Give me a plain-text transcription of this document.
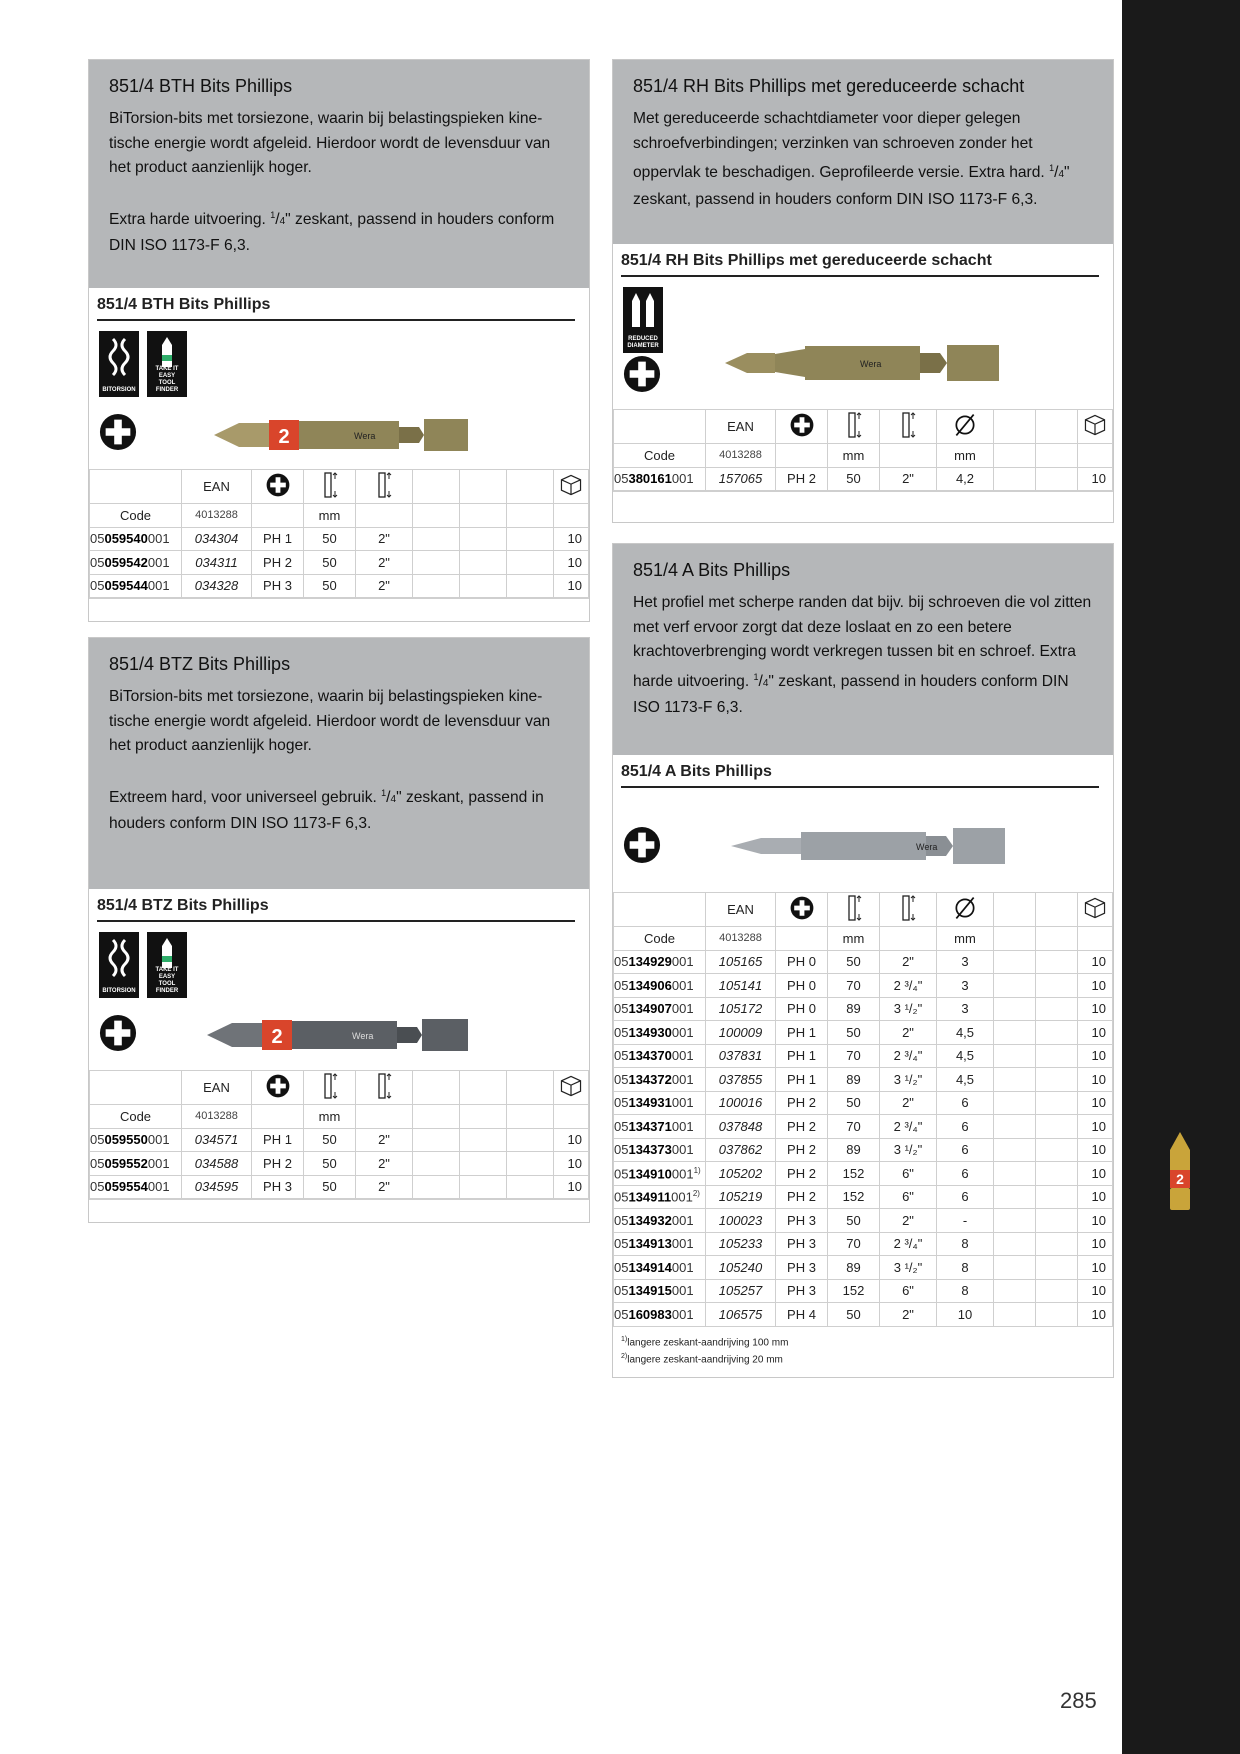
2
285
851/4 BTH Bits Phillips

BiTorsion-bits met torsiezone, waarin bij belastingspieken kine-tische energie wordt afgeleid. Hierdoor wordt de levensduur van het product aanzienlijk hoger.

Extra harde uitvoering. $^1$/4" zeskant, passend in houders conform DIN ISO 1173-F 6,3.

851/4 BTH Bits Phillips
BITORSION
TAKE IT EASY
TOOL FINDER
2	Wera
	EAN							
Code	4013288		mm					
05059540001	034304	PH 1	50	2"				10
05059542001	034311	PH 2	50	2"				10
05059544001	034328	PH 3	50	2"				10
851/4 BTZ Bits Phillips

BiTorsion-bits met torsiezone, waarin bij belastingspieken kine-tische energie wordt afgeleid. Hierdoor wordt de levensduur van het product aanzienlijk hoger.

Extreem hard, voor universeel gebruik. $^1$/4" zeskant, passend in houders conform DIN ISO 1173-F 6,3.

851/4 BTZ Bits Phillips
BITORSION
TAKE IT EASY
TOOL FINDER
2	Wera
	EAN							
Code	4013288		mm					
05059550001	034571	PH 1	50	2"				10
05059552001	034588	PH 2	50	2"				10
05059554001	034595	PH 3	50	2"				10
851/4 RH Bits Phillips met gereduceerde schacht

Met gereduceerde schachtdiameter voor dieper gelegen schroefverbindingen; verzinken van schroeven zonder het oppervlak te beschadigen. Geprofileerde versie. Extra hard. $^1$/4" zeskant, passend in houders conform DIN ISO 1173-F 6,3.

851/4 RH Bits Phillips met gereduceerde schacht
REDUCED
DIAMETER
Wera
	EAN							
Code	4013288		mm		mm			
05380161001	157065	PH 2	50	2"	4,2			10
851/4 A Bits Phillips

Het profiel met scherpe randen dat bijv. bij schroeven die vol zitten met verf ervoor zorgt dat deze loslaat en zo een betere krachtoverbrenging wordt verkregen tussen bit en schroef. Extra harde uitvoering. $^1$/4" zeskant, passend in houders conform DIN ISO 1173-F 6,3.

851/4 A Bits Phillips
Wera
	EAN							
Code	4013288		mm		mm			
05134929001	105165	PH 0	50	2"	3			10
05134906001	105141	PH 0	70	2 ³/₄"	3			10
05134907001	105172	PH 0	89	3 ¹/₂"	3			10
05134930001	100009	PH 1	50	2"	4,5			10
05134370001	037831	PH 1	70	2 ³/₄"	4,5			10
05134372001	037855	PH 1	89	3 ¹/₂"	4,5			10
05134931001	100016	PH 2	50	2"	6			10
05134371001	037848	PH 2	70	2 ³/₄"	6			10
05134373001	037862	PH 2	89	3 ¹/₂"	6			10
05134910001$^{1)}$	105202	PH 2	152	6"	6			10
05134911001$^{2)}$	105219	PH 2	152	6"	6			10
05134932001	100023	PH 3	50	2"	-			10
05134913001	105233	PH 3	70	2 ³/₄"	8			10
05134914001	105240	PH 3	89	3 ¹/₂"	8			10
05134915001	105257	PH 3	152	6"	8			10
05160983001	106575	PH 4	50	2"	10			10
$^{1)}$langere zeskant-aandrijving 100 mm
$^{2)}$langere zeskant-aandrijving 20 mm
